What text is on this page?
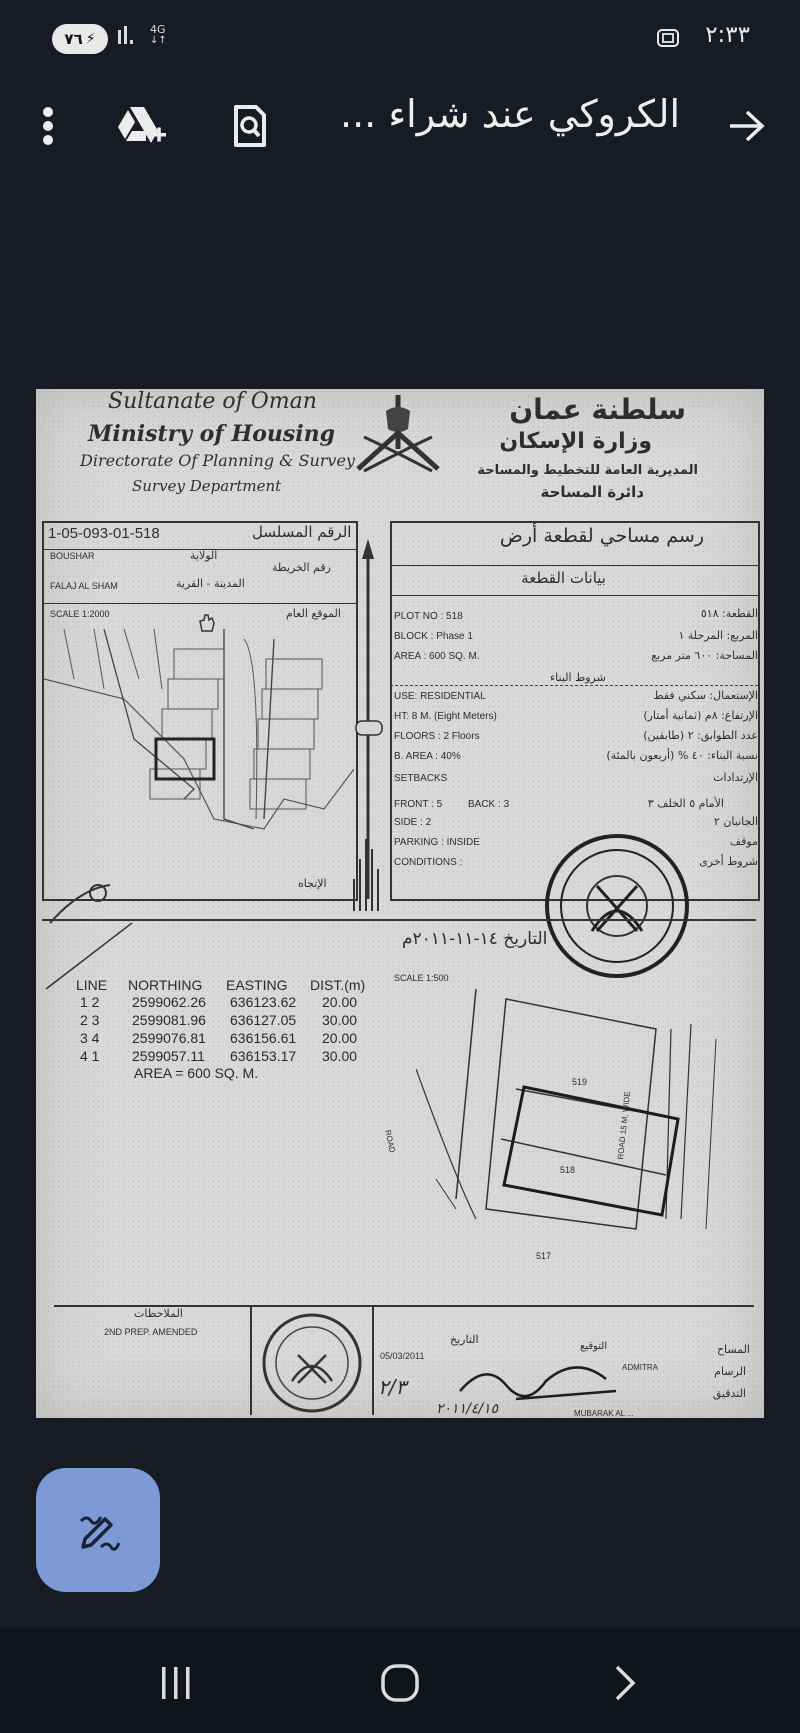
٧٦ ⚡
4G
↓↑	٢:٣٣
الكروكي عند شراء ...
Sultanate of Oman
Ministry of Housing
Directorate Of Planning & Survey
Survey Department
سلطنة عمان
وزارة الإسكان
المديرية العامة للتخطيط والمساحة
دائرة المساحة
1-05-093-01-518	الرقم المسلسل
BOUSHAR	الولاية
رقم الخريطة
FALAJ AL SHAM	المدينة - القرية
SCALE 1:2000	الموقع العام
الإتجاه
رسم مساحي لقطعة أرض
بيانات القطعة
PLOT NO : 518	القطعة: ٥١٨
BLOCK : Phase 1	المربع: المرحلة ١
AREA : 600 SQ. M.	المساحة: ٦٠٠ متر مربع
شروط البناء
USE: RESIDENTIAL	الإستعمال: سكني فقط
HT: 8 M. (Eight Meters)	الإرتفاع: ٨م (ثمانية أمتار)
FLOORS : 2 Floors	عدد الطوابق: ٢ (طابقين)
B. AREA : 40%	نسبة البناء: ٤٠ % (أربعون بالمئة)
SETBACKS	الإرتدادات
FRONT : 5	BACK : 3	الأمام ٥ الخلف ٣
SIDE : 2	الجانبان ٢
PARKING : INSIDE	موقف
CONDITIONS :	شروط أخرى
التاريخ ١٤-١١-٢٠١١م
SCALE 1:500
LINE	NORTHING	EASTING	DIST.(m)
1 2	2599062.26	636123.62	20.00
2 3	2599081.96	636127.05	30.00
3 4	2599076.81	636156.61	20.00
4 1	2599057.11	636153.17	30.00
AREA = 600 SQ. M.
519
518
517
ROAD 15 M. WIDE
ROAD
الملاحظات
2ND PREP. AMENDED
المساح
الرسام
التدقيق
التوقيع
التاريخ
05/03/2011
ADMITRA
MUBARAK AL ...
٢/٣
٢٠١١/٤/١٥
